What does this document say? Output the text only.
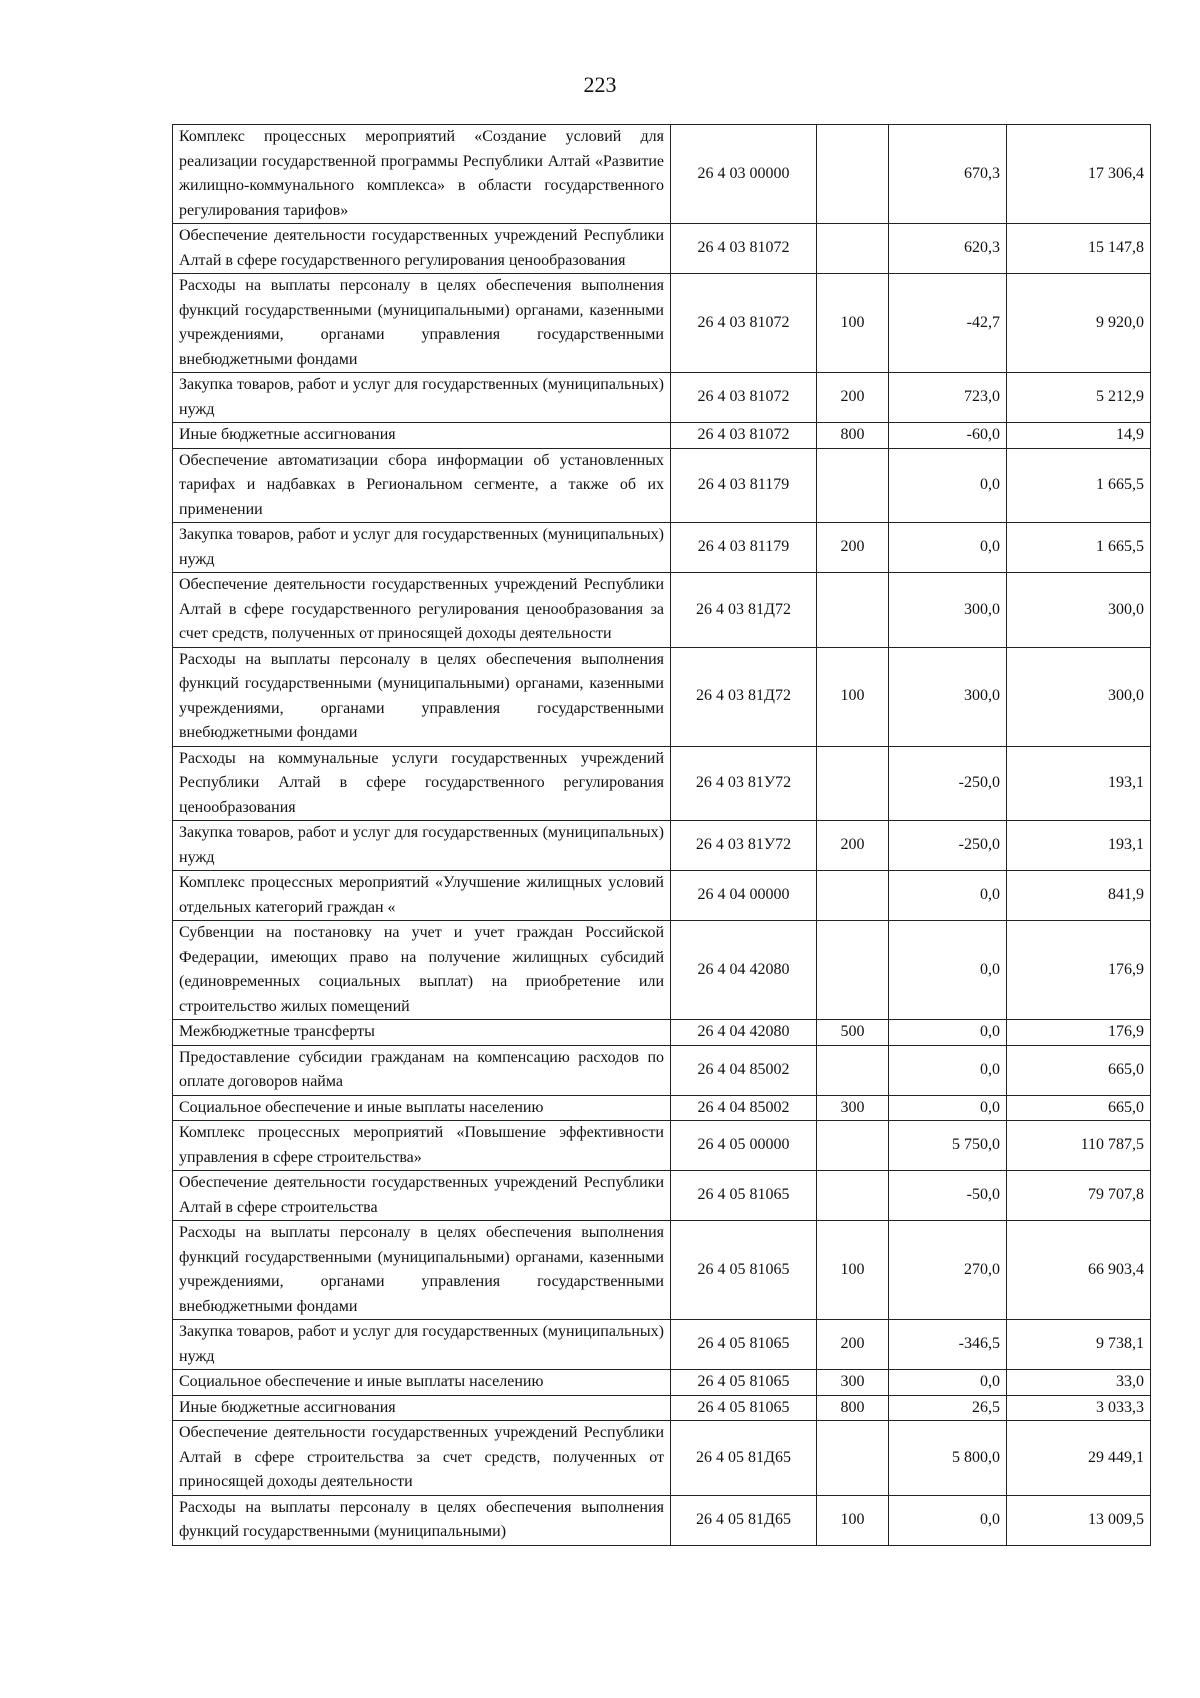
223
Комплекс процессных мероприятий «Создание условий для реализации государственной программы Республики Алтай «Развитие жилищно-коммунального комплекса» в области государственного регулирования тарифов»	26 4 03 00000		670,3	17 306,4
Обеспечение деятельности государственных учреждений Республики Алтай в сфере государственного регулирования ценообразования	26 4 03 81072		620,3	15 147,8
Расходы на выплаты персоналу в целях обеспечения выполнения функций государственными (муниципальными) органами, казенными учреждениями, органами управления государственными внебюджетными фондами	26 4 03 81072	100	-42,7	9 920,0
Закупка товаров, работ и услуг для государственных (муниципальных) нужд	26 4 03 81072	200	723,0	5 212,9
Иные бюджетные ассигнования	26 4 03 81072	800	-60,0	14,9
Обеспечение автоматизации сбора информации об установленных тарифах и надбавках в Региональном сегменте, а также об их применении	26 4 03 81179		0,0	1 665,5
Закупка товаров, работ и услуг для государственных (муниципальных) нужд	26 4 03 81179	200	0,0	1 665,5
Обеспечение деятельности государственных учреждений Республики Алтай в сфере государственного регулирования ценообразования за счет средств, полученных от приносящей доходы деятельности	26 4 03 81Д72		300,0	300,0
Расходы на выплаты персоналу в целях обеспечения выполнения функций государственными (муниципальными) органами, казенными учреждениями, органами управления государственными внебюджетными фондами	26 4 03 81Д72	100	300,0	300,0
Расходы на коммунальные услуги государственных учреждений Республики Алтай в сфере государственного регулирования ценообразования	26 4 03 81У72		-250,0	193,1
Закупка товаров, работ и услуг для государственных (муниципальных) нужд	26 4 03 81У72	200	-250,0	193,1
Комплекс процессных мероприятий «Улучшение жилищных условий отдельных категорий граждан «	26 4 04 00000		0,0	841,9
Субвенции на постановку на учет и учет граждан Российской Федерации, имеющих право на получение жилищных субсидий (единовременных социальных выплат) на приобретение или строительство жилых помещений	26 4 04 42080		0,0	176,9
Межбюджетные трансферты	26 4 04 42080	500	0,0	176,9
Предоставление субсидии гражданам на компенсацию расходов по оплате договоров найма	26 4 04 85002		0,0	665,0
Социальное обеспечение и иные выплаты населению	26 4 04 85002	300	0,0	665,0
Комплекс процессных мероприятий «Повышение эффективности управления в сфере строительства»	26 4 05 00000		5 750,0	110 787,5
Обеспечение деятельности государственных учреждений Республики Алтай в сфере строительства	26 4 05 81065		-50,0	79 707,8
Расходы на выплаты персоналу в целях обеспечения выполнения функций государственными (муниципальными) органами, казенными учреждениями, органами управления государственными внебюджетными фондами	26 4 05 81065	100	270,0	66 903,4
Закупка товаров, работ и услуг для государственных (муниципальных) нужд	26 4 05 81065	200	-346,5	9 738,1
Социальное обеспечение и иные выплаты населению	26 4 05 81065	300	0,0	33,0
Иные бюджетные ассигнования	26 4 05 81065	800	26,5	3 033,3
Обеспечение деятельности государственных учреждений Республики Алтай в сфере строительства за счет средств, полученных от приносящей доходы деятельности	26 4 05 81Д65		5 800,0	29 449,1
Расходы на выплаты персоналу в целях обеспечения выполнения функций государственными (муниципальными)	26 4 05 81Д65	100	0,0	13 009,5
